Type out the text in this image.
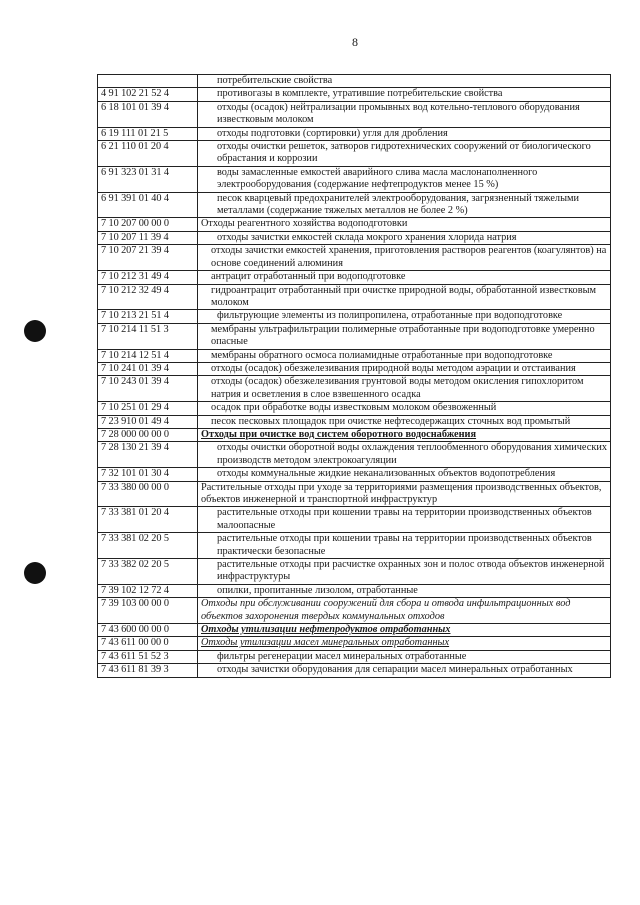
8

	потребительские свойства

4 91 102 21 52 4	противогазы в комплекте, утратившие потребительские свойства

6 18 101 01 39 4	отходы (осадок) нейтрализации промывных вод котельно-теплового оборудования известковым молоком

6 19 111 01 21 5	отходы подготовки (сортировки) угля для дробления

6 21 110 01 20 4	отходы очистки решеток, затворов гидротехнических сооружений от биологического обрастания и коррозии

6 91 323 01 31 4	воды замасленные емкостей аварийного слива масла маслонаполненного электрооборудования (содержание нефтепродуктов менее 15 %)

6 91 391 01 40 4	песок кварцевый предохранителей электрооборудования, загрязненный тяжелыми металлами (содержание тяжелых металлов не более 2 %)

7 10 207 00 00 0	Отходы реагентного хозяйства водоподготовки

7 10 207 11 39 4	отходы зачистки емкостей склада мокрого хранения хлорида натрия

7 10 207 21 39 4	отходы зачистки емкостей хранения, приготовления растворов реагентов (коагулянтов) на основе соединений алюминия

7 10 212 31 49 4	антрацит отработанный при водоподготовке

7 10 212 32 49 4	гидроантрацит отработанный при очистке природной воды, обработанной известковым молоком

7 10 213 21 51 4	фильтрующие элементы из полипропилена, отработанные при водоподготовке

7 10 214 11 51 3	мембраны ультрафильтрации полимерные отработанные при водоподготовке умеренно опасные

7 10 214 12 51 4	мембраны обратного осмоса полиамидные отработанные при водоподготовке

7 10 241 01 39 4	отходы (осадок) обезжелезивания природной воды методом аэрации и отстаивания

7 10 243 01 39 4	отходы (осадок) обезжелезивания грунтовой воды методом окисления гипохлоритом натрия и осветления в слое взвешенного осадка

7 10 251 01 29 4	осадок при обработке воды известковым молоком обезвоженный

7 23 910 01 49 4	песок песковых площадок при очистке нефтесодержащих сточных вод промытый

7 28 000 00 00 0	Отходы при очистке вод систем оборотного водоснабжения

7 28 130 21 39 4	отходы очистки оборотной воды охлаждения теплообменного оборудования химических производств методом электрокоагуляции

7 32 101 01 30 4	отходы коммунальные жидкие неканализованных объектов водопотребления

7 33 380 00 00 0	Растительные отходы при уходе за территориями размещения производственных объектов, объектов инженерной и транспортной инфраструктур

7 33 381 01 20 4	растительные отходы при кошении травы на территории производственных объектов малоопасные

7 33 381 02 20 5	растительные отходы при кошении травы на территории производственных объектов практически безопасные

7 33 382 02 20 5	растительные отходы при расчистке охранных зон и полос отвода объектов инженерной инфраструктуры

7 39 102 12 72 4	опилки, пропитанные лизолом, отработанные

7 39 103 00 00 0	Отходы при обслуживании сооружений для сбора и отвода инфильтрационных вод объектов захоронения твердых коммунальных отходов

7 43 600 00 00 0	Отходы утилизации нефтепродуктов отработанных

7 43 611 00 00 0	Отходы утилизации масел минеральных отработанных

7 43 611 51 52 3	фильтры регенерации масел минеральных отработанные

7 43 611 81 39 3	отходы зачистки оборудования для сепарации масел минеральных отработанных
